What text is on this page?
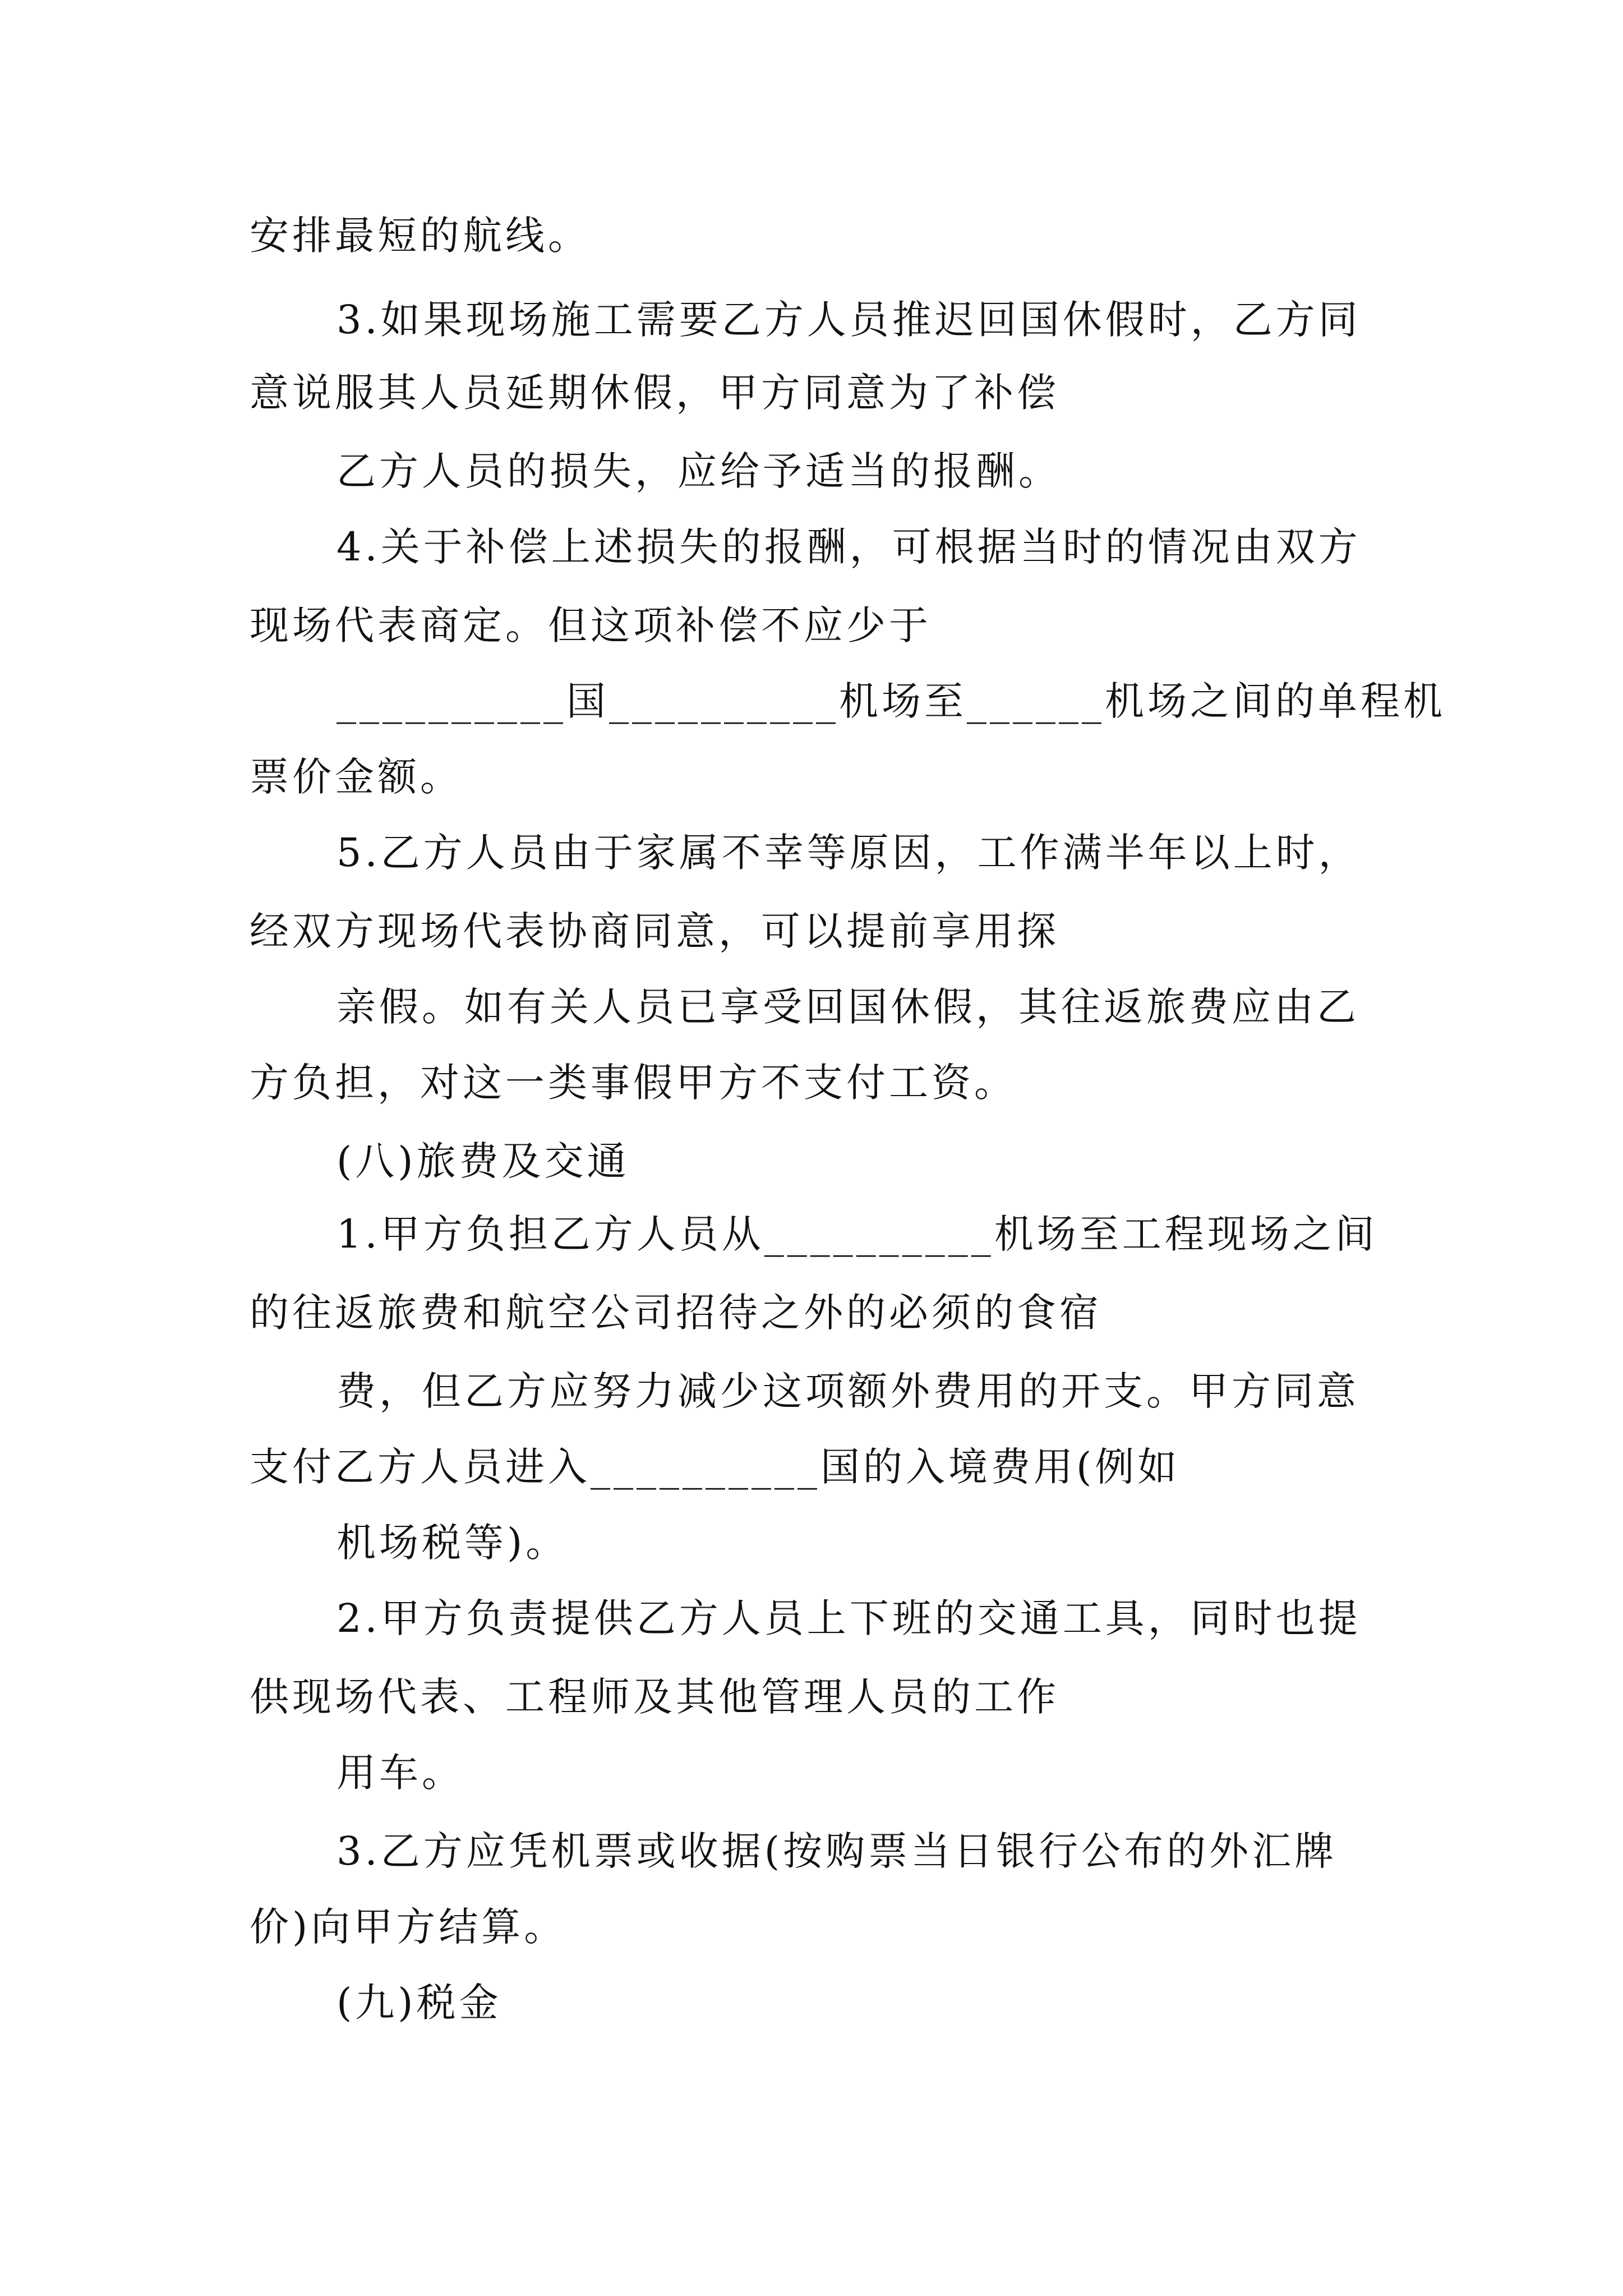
安排最短的航线。
3.如果现场施工需要乙方人员推迟回国休假时，乙方同
意说服其人员延期休假，甲方同意为了补偿
乙方人员的损失，应给予适当的报酬。
4.关于补偿上述损失的报酬，可根据当时的情况由双方
现场代表商定。但这项补偿不应少于
__________国__________机场至______机场之间的单程机
票价金额。
5.乙方人员由于家属不幸等原因，工作满半年以上时，
经双方现场代表协商同意，可以提前享用探
亲假。如有关人员已享受回国休假，其往返旅费应由乙
方负担，对这一类事假甲方不支付工资。
(八)旅费及交通
1.甲方负担乙方人员从__________机场至工程现场之间
的往返旅费和航空公司招待之外的必须的食宿
费，但乙方应努力减少这项额外费用的开支。甲方同意
支付乙方人员进入__________国的入境费用(例如
机场税等)。
2.甲方负责提供乙方人员上下班的交通工具，同时也提
供现场代表、工程师及其他管理人员的工作
用车。
3.乙方应凭机票或收据(按购票当日银行公布的外汇牌
价)向甲方结算。
(九)税金
